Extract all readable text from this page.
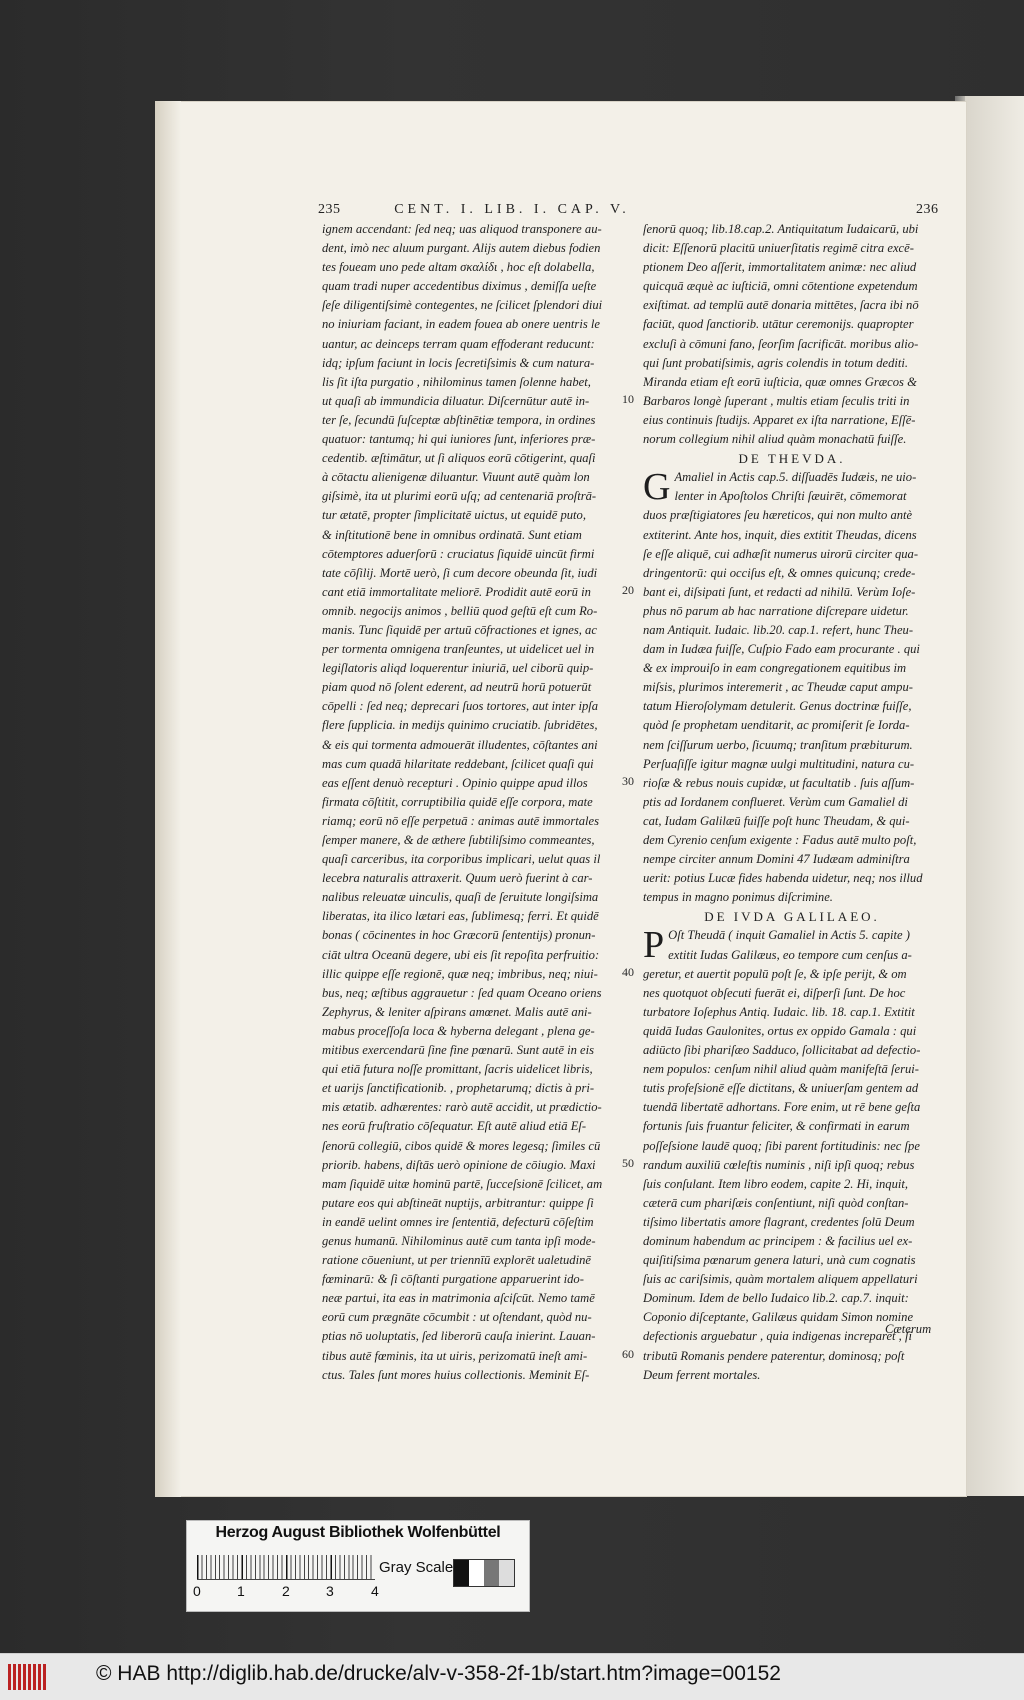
235	CENT. I. LIB. I. CAP. V.	236
ignem accendant: ſed neq; uas aliquod transponere au-
dent, imò nec aluum purgant. Alijs autem diebus fodien
tes foueam uno pede altam σκαλίδι , hoc eſt dolabella,
quam tradi nuper accedentibus diximus , demiſſa ueſte
ſeſe diligentiſsimè contegentes, ne ſcilicet ſplendori diui
no iniuriam faciant, in eadem fouea ab onere uentris le
uantur, ac deinceps terram quam effoderant reducunt:
idq; ipſum faciunt in locis ſecretiſsimis & cum natura-
lis ſit iſta purgatio , nihilominus tamen ſolenne habet,
ut quaſi ab immundicia diluatur. Diſcernūtur autē in-
ter ſe, ſecundū ſuſceptæ abſtinētiæ tempora, in ordines
quatuor: tantumq; hi qui iuniores ſunt, inferiores præ-
cedentib. æſtimātur, ut ſi aliquos eorū cōtigerint, quaſi
à cōtactu alienigenæ diluantur. Viuunt autē quàm lon
giſsimè, ita ut plurimi eorū uſq; ad centenariā proſtrā-
tur ætatē, propter ſimplicitatē uictus, ut equidē puto,
& inſtitutionē bene in omnibus ordinatā. Sunt etiam
cōtemptores aduerſorū : cruciatus ſiquidē uincūt firmi
tate cōſilij. Mortē uerò, ſi cum decore obeunda ſit, iudi
cant etiā immortalitate meliorē. Prodidit autē eorū in
omnib. negocijs animos , belliū quod geſtū eſt cum Ro-
manis. Tunc ſiquidē per artuū cōfractiones et ignes, ac
per tormenta omnigena tranſeuntes, ut uidelicet uel in
legiſlatoris aliqd loquerentur iniuriā, uel ciborū quip-
piam quod nō ſolent ederent, ad neutrū horū potuerūt
cōpelli : ſed neq; deprecari ſuos tortores, aut inter ipſa
flere ſupplicia. in medijs quinimo cruciatib. ſubridētes,
& eis qui tormenta admouerāt illudentes, cōſtantes ani
mas cum quadā hilaritate reddebant, ſcilicet quaſi qui
eas eſſent denuò recepturi . Opinio quippe apud illos
firmata cōſtitit, corruptibilia quidē eſſe corpora, mate
riamq; eorū nō eſſe perpetuā : animas autē immortales
ſemper manere, & de æthere ſubtiliſsimo commeantes,
quaſi carceribus, ita corporibus implicari, uelut quas il
lecebra naturalis attraxerit. Quum uerò fuerint à car-
nalibus releuatæ uinculis, quaſi de ſeruitute longiſsima
liberatas, ita ilico lætari eas, ſublimesq; ferri. Et quidē
bonas ( cōcinentes in hoc Græcorū ſententijs) pronun-
ciāt ultra Oceanū degere, ubi eis ſit repoſita perfruitio:
illic quippe eſſe regionē, quæ neq; imbribus, neq; niui-
bus, neq; æſtibus aggrauetur : ſed quam Oceano oriens
Zephyrus, & leniter aſpirans amœnet. Malis autē ani-
mabus proceſſoſa loca & hyberna delegant , plena ge-
mitibus exercendarū ſine fine pœnarū. Sunt autē in eis
qui etiā futura noſſe promittant, ſacris uidelicet libris,
et uarijs ſanctificationib. , prophetarumq; dictis à pri-
mis ætatib. adhærentes: rarò autē accidit, ut prædictio-
nes eorū fruſtratio cōſequatur. Eſt autē aliud etiā Eſ-
ſenorū collegiū, cibos quidē & mores legesq; ſimiles cū
priorib. habens, diſtās uerò opinione de cōiugio. Maxi
mam ſiquidē uitæ hominū partē, ſucceſsionē ſcilicet, am
putare eos qui abſtineāt nuptijs, arbitrantur: quippe ſi
in eandē uelint omnes ire ſententiā, defecturū cōſeſtim
genus humanū. Nihilominus autē cum tanta ipſi mode-
ratione cōueniunt, ut per triennīū explorēt ualetudinē
fœminarū: & ſi cōſtanti purgatione apparuerint ido-
neæ partui, ita eas in matrimonia aſciſcūt. Nemo tamē
eorū cum prægnāte cōcumbit : ut oſtendant, quòd nu-
ptias nō uoluptatis, ſed liberorū cauſa inierint. Lauan-
tibus autē fœminis, ita ut uiris, perizomatū ineſt ami-
ctus. Tales ſunt mores huius collectionis. Meminit Eſ-
ſenorū quoq; lib.18.cap.2. Antiquitatum Iudaicarū, ubi
dicit: Eſſenorū placitū uniuerſitatis regimē citra excē-
ptionem Deo aſſerit, immortalitatem animæ: nec aliud
quicquā æquè ac iuſticiā, omni cōtentione expetendum
exiſtimat. ad templū autē donaria mittētes, ſacra ibi nō
faciūt, quod ſanctiorib. utātur ceremonijs. quapropter
excluſi à cōmuni fano, ſeorſim ſacrificāt. moribus alio-
qui ſunt probatiſsimis, agris colendis in totum dediti.
Miranda etiam eſt eorū iuſticia, quæ omnes Græcos &
Barbaros longè ſuperant , multis etiam ſeculis triti in
eius continuis ſtudijs. Apparet ex iſta narratione, Eſſē-
norum collegium nihil aliud quàm monachatū fuiſſe.
DE THEVDA.
G Amaliel in Actis cap.5. diſſuadēs Iudæis, ne uio-
lenter in Apoſtolos Chriſti ſæuirēt, cōmemorat
duos præſtigiatores ſeu hæreticos, qui non multo antè
extiterint. Ante hos, inquit, dies extitit Theudas, dicens
ſe eſſe aliquē, cui adhæſit numerus uirorū circiter qua-
dringentorū: qui occiſus eſt, & omnes quicunq; crede-
bant ei, diſsipati ſunt, et redacti ad nihilū. Verùm Ioſe-
phus nō parum ab hac narratione diſcrepare uidetur.
nam Antiquit. Iudaic. lib.20. cap.1. refert, hunc Theu-
dam in Iudæa fuiſſe, Cuſpio Fado eam procurante . qui
& ex improuiſo in eam congregationem equitibus im
miſsis, plurimos interemerit , ac Theudæ caput ampu-
tatum Hieroſolymam detulerit. Genus doctrinæ fuiſſe,
quòd ſe prophetam uenditarit, ac promiſerit ſe Iorda-
nem ſciſſurum uerbo, ſicuumq; tranſitum præbiturum.
Perſuaſiſſe igitur magnæ uulgi multitudini, natura cu-
rioſæ & rebus nouis cupidæ, ut facultatib . ſuis aſſum-
ptis ad Iordanem conflueret. Verùm cum Gamaliel di
cat, Iudam Galilæū fuiſſe poſt hunc Theudam, & qui-
dem Cyrenio cenſum exigente : Fadus autē multo poſt,
nempe circiter annum Domini 47 Iudæam adminiſtra
uerit: potius Lucæ fides habenda uidetur, neq; nos illud
tempus in magno ponimus diſcrimine.
DE IVDA GALILAEO.
P Oſt Theudā ( inquit Gamaliel in Actis 5. capite )
extitit Iudas Galilæus, eo tempore cum cenſus a-
geretur, et auertit populū poſt ſe, & ipſe perijt, & om
nes quotquot obſecuti fuerāt ei, diſperſi ſunt. De hoc
turbatore Ioſephus Antiq. Iudaic. lib. 18. cap.1. Extitit
quidā Iudas Gaulonites, ortus ex oppido Gamala : qui
adiūcto ſibi phariſæo Sadduco, ſollicitabat ad defectio-
nem populos: cenſum nihil aliud quàm manifeſtā ſerui-
tutis profeſsionē eſſe dictitans, & uniuerſam gentem ad
tuendā libertatē adhortans. Fore enim, ut rē bene geſta
fortunis ſuis fruantur feliciter, & confirmati in earum
poſſeſsione laudē quoq; ſibi parent fortitudinis: nec ſpe
randum auxiliū cœleſtis numinis , niſi ipſi quoq; rebus
ſuis conſulant. Item libro eodem, capite 2. Hi, inquit,
cæterā cum phariſæis conſentiunt, niſi quòd conſtan-
tiſsimo libertatis amore flagrant, credentes ſolū Deum
dominum habendum ac principem : & facilius uel ex-
quiſitiſsima pœnarum genera laturi, unà cum cognatis
ſuis ac cariſsimis, quàm mortalem aliquem appellaturi
Dominum. Idem de bello Iudaico lib.2. cap.7. inquit:
Coponio diſceptante, Galilæus quidam Simon nomine
defectionis arguebatur , quia indigenas increparet , ſi
tributū Romanis pendere paterentur, dominosq; poſt
Deum ferrent mortales.
10
20
30
40
50
60
Cæterum
Herzog August Bibliothek Wolfenbüttel
0	1	2	3	4
Gray Scale
© HAB http://diglib.hab.de/drucke/alv-v-358-2f-1b/start.htm?image=00152
